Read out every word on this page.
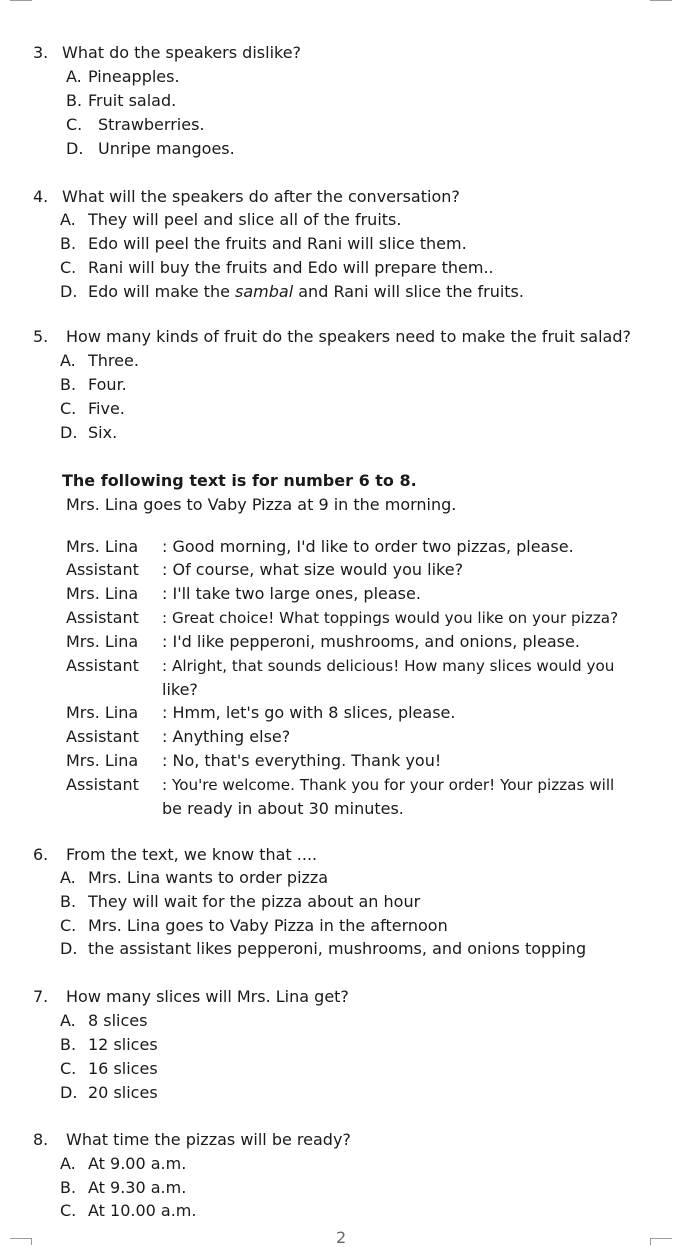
3. What do the speakers dislike?
A. Pineapples.
B. Fruit salad.
C. Strawberries.
D. Unripe mangoes.
4. What will the speakers do after the conversation?
A. They will peel and slice all of the fruits.
B. Edo will peel the fruits and Rani will slice them.
C. Rani will buy the fruits and Edo will prepare them..
D. Edo will make the sambal and Rani will slice the fruits.
5. How many kinds of fruit do the speakers need to make the fruit salad?
A. Three.
B. Four.
C. Five.
D. Six.
The following text is for number 6 to 8.
Mrs. Lina goes to Vaby Pizza at 9 in the morning.
Mrs. Lina : Good morning, I'd like to order two pizzas, please.
Assistant : Of course, what size would you like?
Mrs. Lina : I'll take two large ones, please.
Assistant : Great choice! What toppings would you like on your pizza?
Mrs. Lina : I'd like pepperoni, mushrooms, and onions, please.
Assistant : Alright, that sounds delicious! How many slices would you
like?
Mrs. Lina : Hmm, let's go with 8 slices, please.
Assistant : Anything else?
Mrs. Lina : No, that's everything. Thank you!
Assistant : You're welcome. Thank you for your order! Your pizzas will
be ready in about 30 minutes.
6. From the text, we know that ....
A. Mrs. Lina wants to order pizza
B. They will wait for the pizza about an hour
C. Mrs. Lina goes to Vaby Pizza in the afternoon
D. the assistant likes pepperoni, mushrooms, and onions topping
7. How many slices will Mrs. Lina get?
A. 8 slices
B. 12 slices
C. 16 slices
D. 20 slices
8. What time the pizzas will be ready?
A. At 9.00 a.m.
B. At 9.30 a.m.
C. At 10.00 a.m.
2
